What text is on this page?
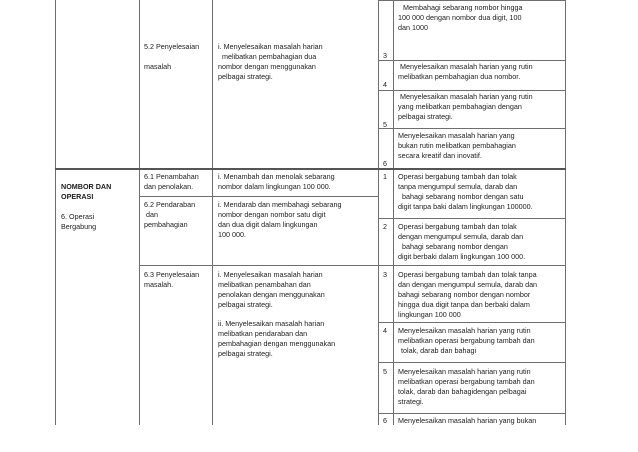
5.2 Penyelesaian
masalah
i. Menyelesaikan masalah harian
melibatkan pembahagian dua
nombor dengan menggunakan
pelbagai strategi.
3
Membahagi sebarang nombor hingga
100 000 dengan nombor dua digit, 100
dan 1000
4
Menyelesaikan masalah harian yang rutin
melibatkan pembahagian dua nombor.
5
Menyelesaikan masalah harian yang rutin
yang melibatkan pembahagian dengan
pelbagai strategi.
6
Menyelesaikan masalah harian yang
bukan rutin melibatkan pembahagian
secara kreatif dan inovatif.
NOMBOR DAN
OPERASI
6. Operasi
Bergabung
6.1 Penambahan
dan penolakan.
i. Menambah dan menolak sebarang
nombor dalam lingkungan 100 000.
6.2 Pendaraban
dan
pembahagian
i. Mendarab dan membahagi sebarang
nombor dengan nombor satu digit
dan dua digit dalam lingkungan
100 000.
1 Operasi bergabung tambah dan tolak
tanpa mengumpul semula, darab dan
bahagi sebarang nombor dengan satu
digit tanpa baki dalam lingkungan 100000.
2 Operasi bergabung tambah dan tolak
dengan mengumpul semula, darab dan
bahagi sebarang nombor dengan
digit berbaki dalam lingkungan 100 000.
6.3 Penyelesaian
masalah.
i. Menyelesaikan masalah harian
melibatkan penambahan dan
penolakan dengan menggunakan
pelbagai strategi.
ii. Menyelesaikan masalah harian
melibatkan pendaraban dan
pembahagian dengan menggunakan
pelbagai strategi.
3 Operasi bergabung tambah dan tolak tanpa
dan dengan mengumpul semula, darab dan
bahagi sebarang nombor dengan nombor
hingga dua digit tanpa dan berbaki dalam
lingkungan 100 000
4 Menyelesaikan masalah harian yang rutin
melibatkan operasi bergabung tambah dan
tolak, darab dan bahagi
5 Menyelesaikan masalah harian yang rutin
melibatkan operasi bergabung tambah dan
tolak, darab dan bahagidengan pelbagai
strategi.
6 Menyelesaikan masalah harian yang bukan
